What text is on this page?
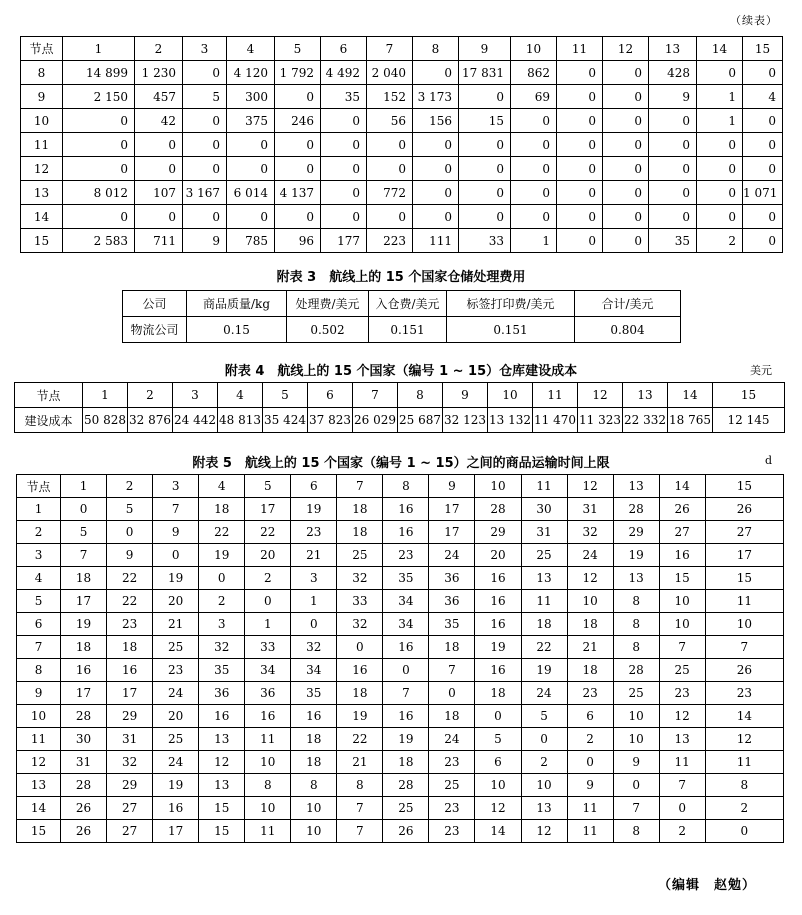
（续表）
节点	1	2	3	4	5	6	7	8	9	10	11	12	13	14	15
8	14 899	1 230	0	4 120	1 792	4 492	2 040	0	17 831	862	0	0	428	0	0
9	2 150	457	5	300	0	35	152	3 173	0	69	0	0	9	1	4
10	0	42	0	375	246	0	56	156	15	0	0	0	0	1	0
11	0	0	0	0	0	0	0	0	0	0	0	0	0	0	0
12	0	0	0	0	0	0	0	0	0	0	0	0	0	0	0
13	8 012	107	3 167	6 014	4 137	0	772	0	0	0	0	0	0	0	1 071
14	0	0	0	0	0	0	0	0	0	0	0	0	0	0	0
15	2 583	711	9	785	96	177	223	111	33	1	0	0	35	2	0
附表 3　航线上的 15 个国家仓储处理费用
公司	商品质量/kg	处理费/美元	入仓费/美元	标签打印费/美元	合计/美元
物流公司	0.15	0.502	0.151	0.151	0.804
附表 4　航线上的 15 个国家（编号 1 ~ 15）仓库建设成本	美元
节点	1	2	3	4	5	6	7	8	9	10	11	12	13	14	15
建设成本	50 828	32 876	24 442	48 813	35 424	37 823	26 029	25 687	32 123	13 132	11 470	11 323	22 332	18 765	12 145
附表 5　航线上的 15 个国家（编号 1 ~ 15）之间的商品运输时间上限	d
节点	1	2	3	4	5	6	7	8	9	10	11	12	13	14	15
1	0	5	7	18	17	19	18	16	17	28	30	31	28	26	26
2	5	0	9	22	22	23	18	16	17	29	31	32	29	27	27
3	7	9	0	19	20	21	25	23	24	20	25	24	19	16	17
4	18	22	19	0	2	3	32	35	36	16	13	12	13	15	15
5	17	22	20	2	0	1	33	34	36	16	11	10	8	10	11
6	19	23	21	3	1	0	32	34	35	16	18	18	8	10	10
7	18	18	25	32	33	32	0	16	18	19	22	21	8	7	7
8	16	16	23	35	34	34	16	0	7	16	19	18	28	25	26
9	17	17	24	36	36	35	18	7	0	18	24	23	25	23	23
10	28	29	20	16	16	16	19	16	18	0	5	6	10	12	14
11	30	31	25	13	11	18	22	19	24	5	0	2	10	13	12
12	31	32	24	12	10	18	21	18	23	6	2	0	9	11	11
13	28	29	19	13	8	8	8	28	25	10	10	9	0	7	8
14	26	27	16	15	10	10	7	25	23	12	13	11	7	0	2
15	26	27	17	15	11	10	7	26	23	14	12	11	8	2	0
（编辑　赵勉）
